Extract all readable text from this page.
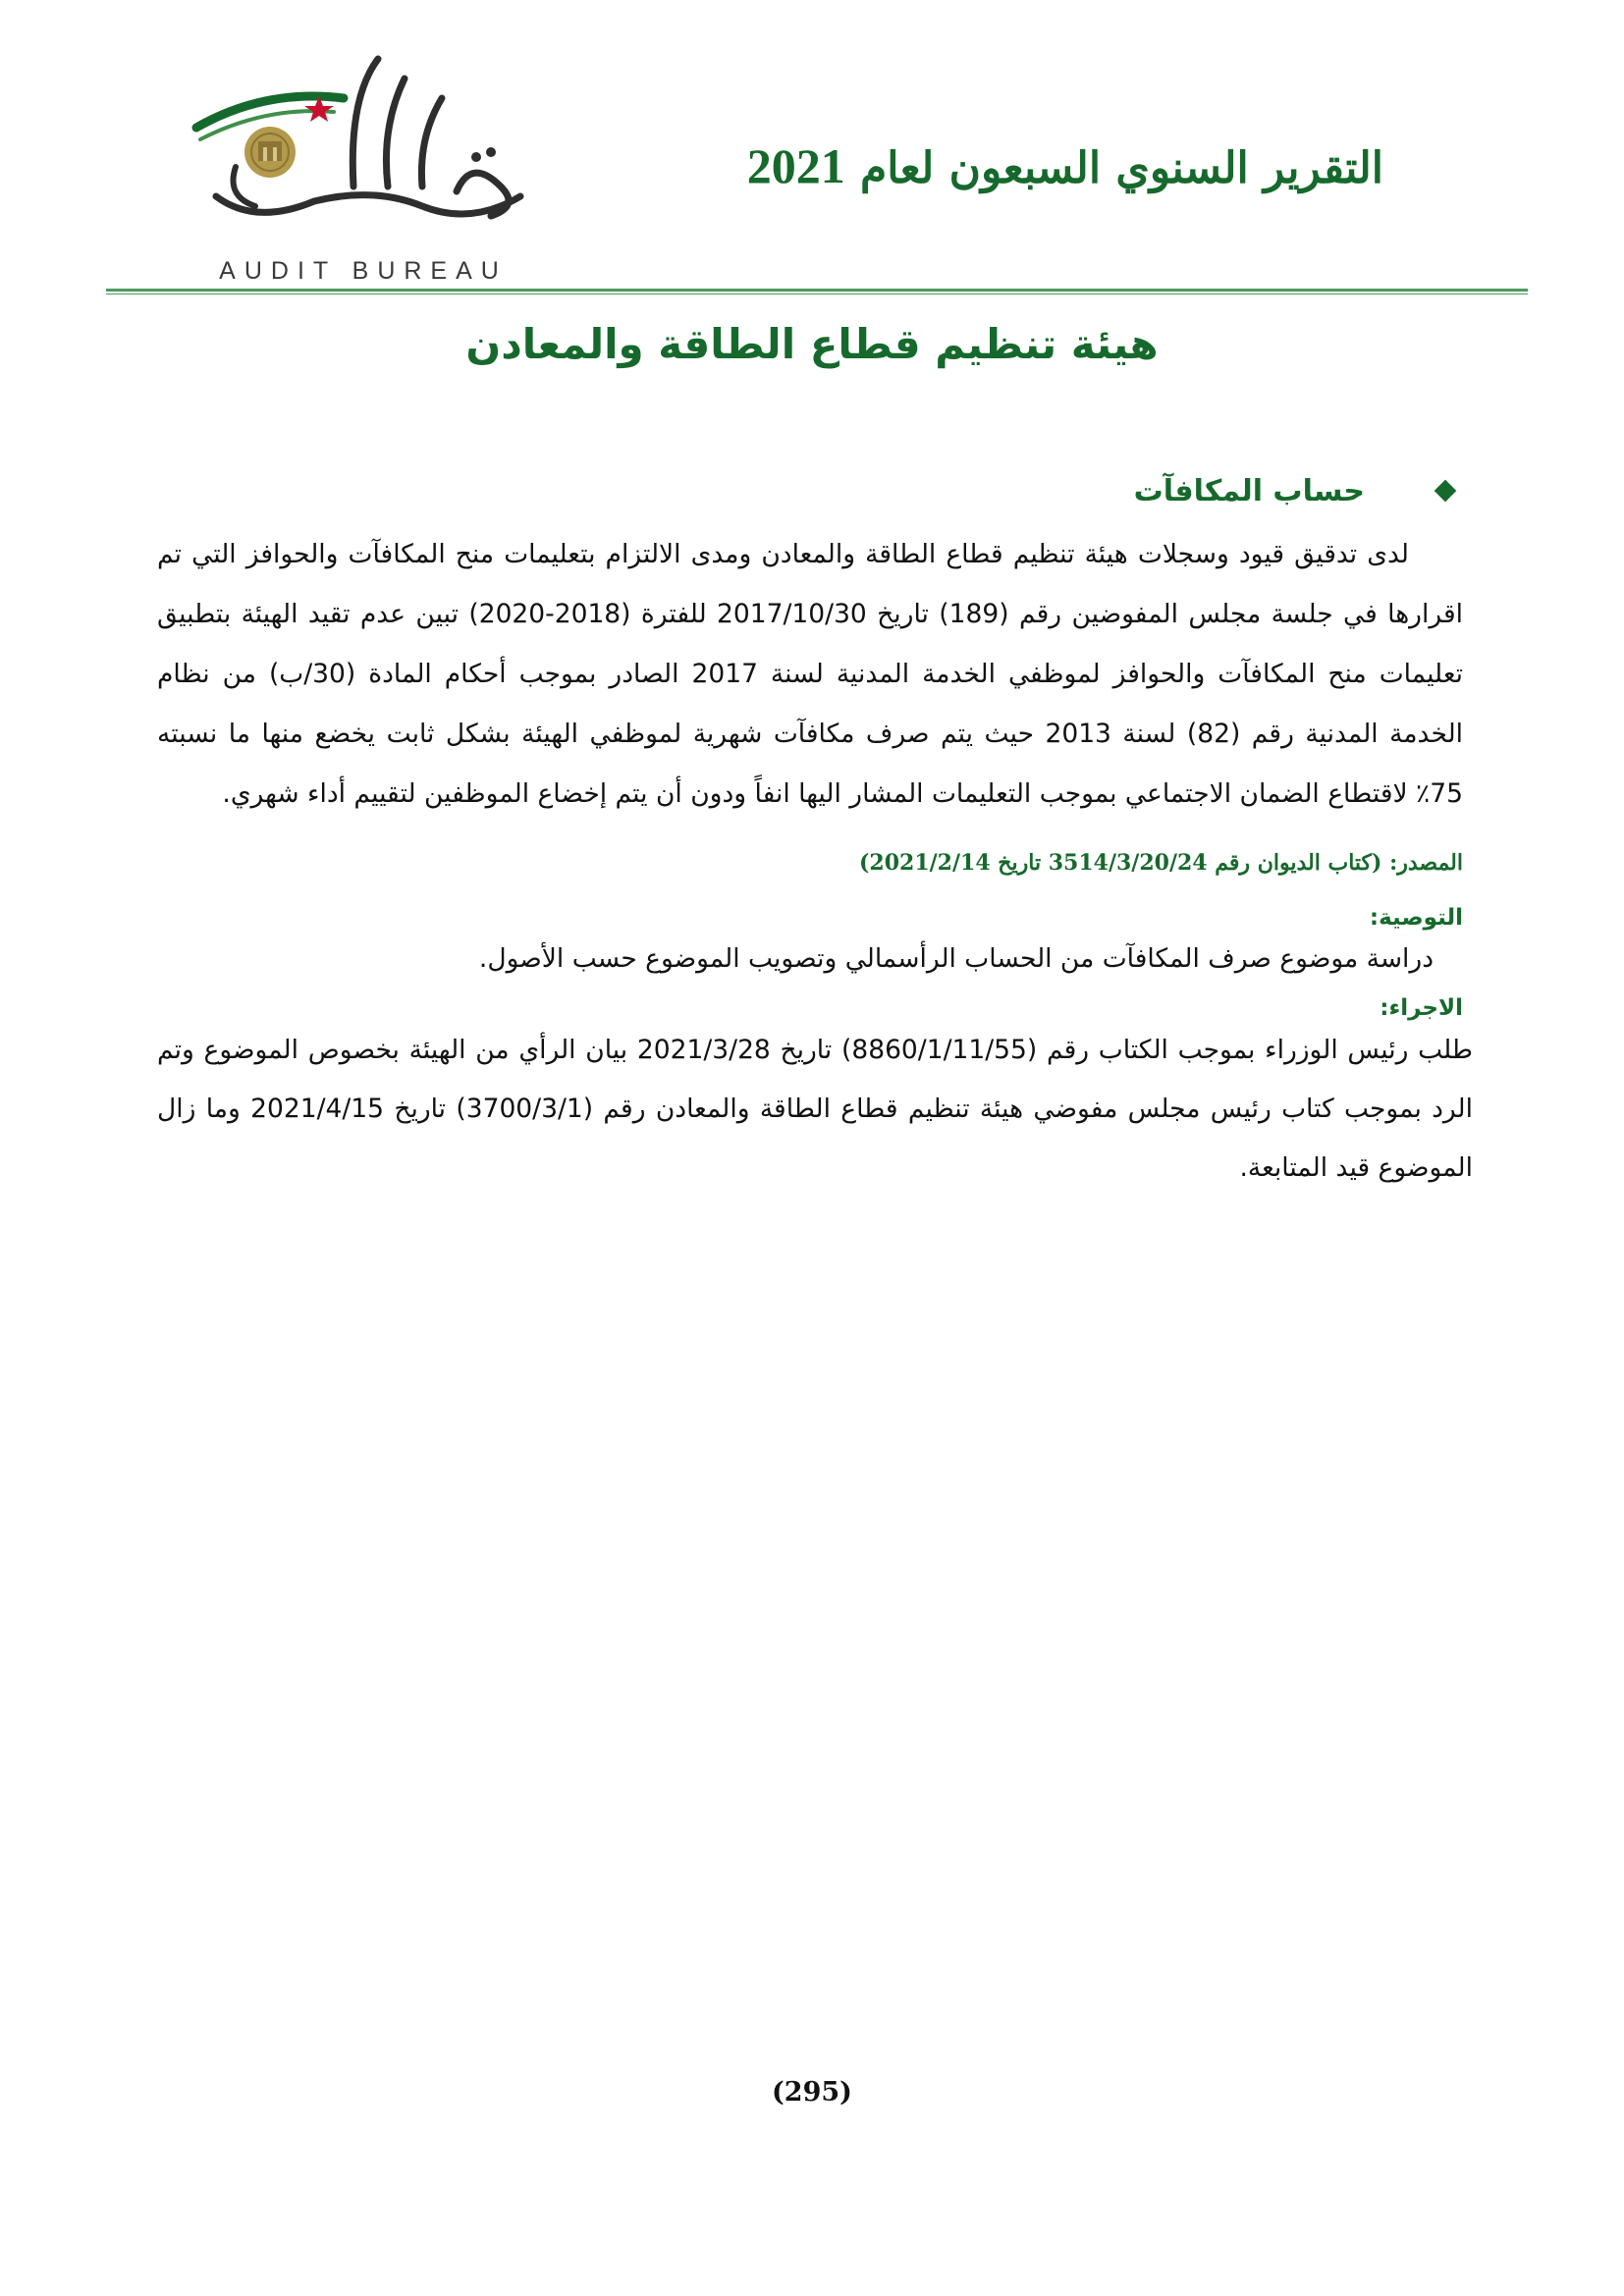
AUDIT BUREAU
التقرير السنوي السبعون لعام 2021
هيئة تنظيم قطاع الطاقة والمعادن
حساب المكافآت

لدى تدقيق قيود وسجلات هيئة تنظيم قطاع الطاقة والمعادن ومدى الالتزام بتعليمات منح المكافآت والحوافز التي تم اقرارها في جلسة مجلس المفوضين رقم (189) تاريخ 2017/10/30 للفترة (2018-2020) تبين عدم تقيد الهيئة بتطبيق تعليمات منح المكافآت والحوافز لموظفي الخدمة المدنية لسنة 2017 الصادر بموجب أحكام المادة (30/ب) من نظام الخدمة المدنية رقم (82) لسنة 2013 حيث يتم صرف مكافآت شهرية لموظفي الهيئة بشكل ثابت يخضع منها ما نسبته 75٪ لاقتطاع الضمان الاجتماعي بموجب التعليمات المشار اليها انفاً ودون أن يتم إخضاع الموظفين لتقييم أداء شهري.

المصدر: (كتاب الديوان رقم 3514/3/20/24 تاريخ 2021/2/14)
التوصية:
دراسة موضوع صرف المكافآت من الحساب الرأسمالي وتصويب الموضوع حسب الأصول.
الاجراء:
طلب رئيس الوزراء بموجب الكتاب رقم (8860/1/11/55) تاريخ 2021/3/28 بيان الرأي من الهيئة بخصوص الموضوع وتم الرد بموجب كتاب رئيس مجلس مفوضي هيئة تنظيم قطاع الطاقة والمعادن رقم (3700/3/1) تاريخ 2021/4/15 وما زال الموضوع قيد المتابعة.
(295)
